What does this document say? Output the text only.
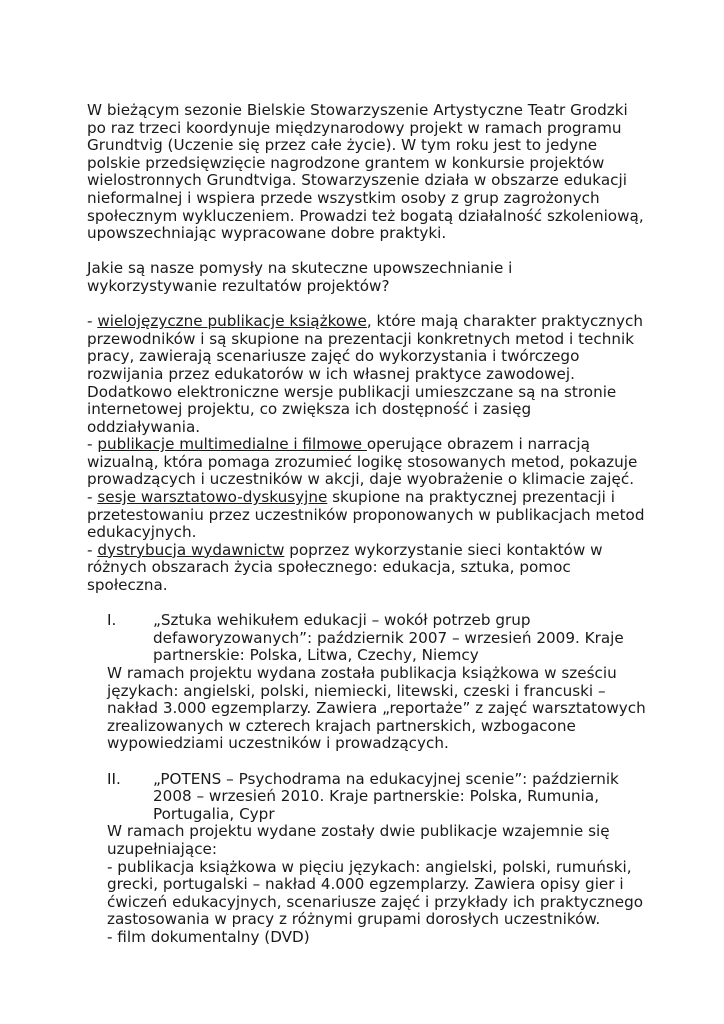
W bieżącym sezonie Bielskie Stowarzyszenie Artystyczne Teatr Grodzki po raz trzeci koordynuje międzynarodowy projekt w ramach programu Grundtvig (Uczenie się przez całe życie). W tym roku jest to jedyne polskie przedsięwzięcie nagrodzone grantem w konkursie projektów wielostronnych Grundtviga. Stowarzyszenie działa w obszarze edukacji nieformalnej i wspiera przede wszystkim osoby z grup zagrożonych społecznym wykluczeniem. Prowadzi też bogatą działalność szkoleniową, upowszechniając wypracowane dobre praktyki.

Jakie są nasze pomysły na skuteczne upowszechnianie i wykorzystywanie rezultatów projektów?

- wielojęzyczne publikacje książkowe, które mają charakter praktycznych przewodników i są skupione na prezentacji konkretnych metod i technik pracy, zawierają scenariusze zajęć do wykorzystania i twórczego rozwijania przez edukatorów w ich własnej praktyce zawodowej. Dodatkowo elektroniczne wersje publikacji umieszczane są na stronie internetowej projektu, co zwiększa ich dostępność i zasięg oddziaływania.

- publikacje multimedialne i filmowe operujące obrazem i narracją wizualną, która pomaga zrozumieć logikę stosowanych metod, pokazuje prowadzących i uczestników w akcji, daje wyobrażenie o klimacie zajęć.

- sesje warsztatowo-dyskusyjne skupione na praktycznej prezentacji i przetestowaniu przez uczestników proponowanych w publikacjach metod edukacyjnych.

- dystrybucja wydawnictw poprzez wykorzystanie sieci kontaktów w różnych obszarach życia społecznego: edukacja, sztuka, pomoc społeczna.

I. „Sztuka wehikułem edukacji – wokół potrzeb grup defaworyzowanych”: październik 2007 – wrzesień 2009. Kraje partnerskie: Polska, Litwa, Czechy, Niemcy

W ramach projektu wydana została publikacja książkowa w sześciu językach: angielski, polski, niemiecki, litewski, czeski i francuski – nakład 3.000 egzemplarzy. Zawiera „reportaże” z zajęć warsztatowych zrealizowanych w czterech krajach partnerskich, wzbogacone wypowiedziami uczestników i prowadzących.

II. „POTENS – Psychodrama na edukacyjnej scenie”: październik 2008 – wrzesień 2010. Kraje partnerskie: Polska, Rumunia, Portugalia, Cypr

W ramach projektu wydane zostały dwie publikacje wzajemnie się uzupełniające:

- publikacja książkowa w pięciu językach: angielski, polski, rumuński, grecki, portugalski – nakład 4.000 egzemplarzy. Zawiera opisy gier i ćwiczeń edukacyjnych, scenariusze zajęć i przykłady ich praktycznego zastosowania w pracy z różnymi grupami dorosłych uczestników.

- film dokumentalny (DVD)
